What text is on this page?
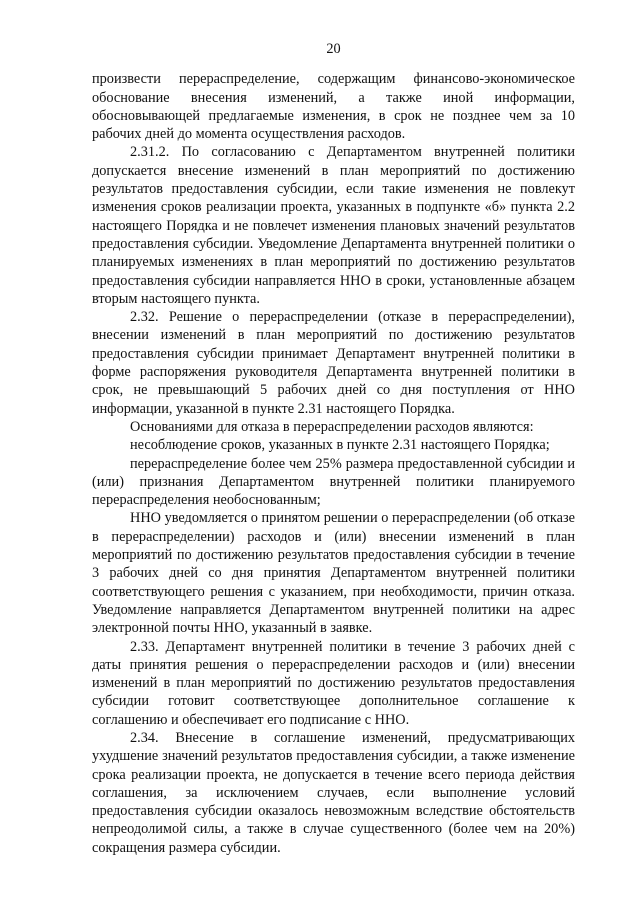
20

произвести перераспределение, содержащим финансово-экономическое обоснование внесения изменений, а также иной информации, обосновывающей предлагаемые изменения, в срок не позднее чем за 10 рабочих дней до момента осуществления расходов.

2.31.2. По согласованию с Департаментом внутренней политики допускается внесение изменений в план мероприятий по достижению результатов предоставления субсидии, если такие изменения не повлекут изменения сроков реализации проекта, указанных в подпункте «б» пункта 2.2 настоящего Порядка и не повлечет изменения плановых значений результатов предоставления субсидии. Уведомление Департамента внутренней политики о планируемых изменениях в план мероприятий по достижению результатов предоставления субсидии направляется НHO в сроки, установленные абзацем вторым настоящего пункта.

2.32. Решение о перераспределении (отказе в перераспределении), внесении изменений в план мероприятий по достижению результатов предоставления субсидии принимает Департамент внутренней политики в форме распоряжения руководителя Департамента внутренней политики в срок, не превышающий 5 рабочих дней со дня поступления от НHO информации, указанной в пункте 2.31 настоящего Порядка.

Основаниями для отказа в перераспределении расходов являются:

несоблюдение сроков, указанных в пункте 2.31 настоящего Порядка;

перераспределение более чем 25% размера предоставленной субсидии и (или) признания Департаментом внутренней политики планируемого перераспределения необоснованным;

НHO уведомляется о принятом решении о перераспределении (об отказе в перераспределении) расходов и (или) внесении изменений в план мероприятий по достижению результатов предоставления субсидии в течение 3 рабочих дней со дня принятия Департаментом внутренней политики соответствующего решения с указанием, при необходимости, причин отказа. Уведомление направляется Департаментом внутренней политики на адрес электронной почты НHO, указанный в заявке.

2.33. Департамент внутренней политики в течение 3 рабочих дней с даты принятия решения о перераспределении расходов и (или) внесении изменений в план мероприятий по достижению результатов предоставления субсидии готовит соответствующее дополнительное соглашение к соглашению и обеспечивает его подписание с НHO.

2.34. Внесение в соглашение изменений, предусматривающих ухудшение значений результатов предоставления субсидии, а также изменение срока реализации проекта, не допускается в течение всего периода действия соглашения, за исключением случаев, если выполнение условий предоставления субсидии оказалось невозможным вследствие обстоятельств непреодолимой силы, а также в случае существенного (более чем на 20%) сокращения размера субсидии.
